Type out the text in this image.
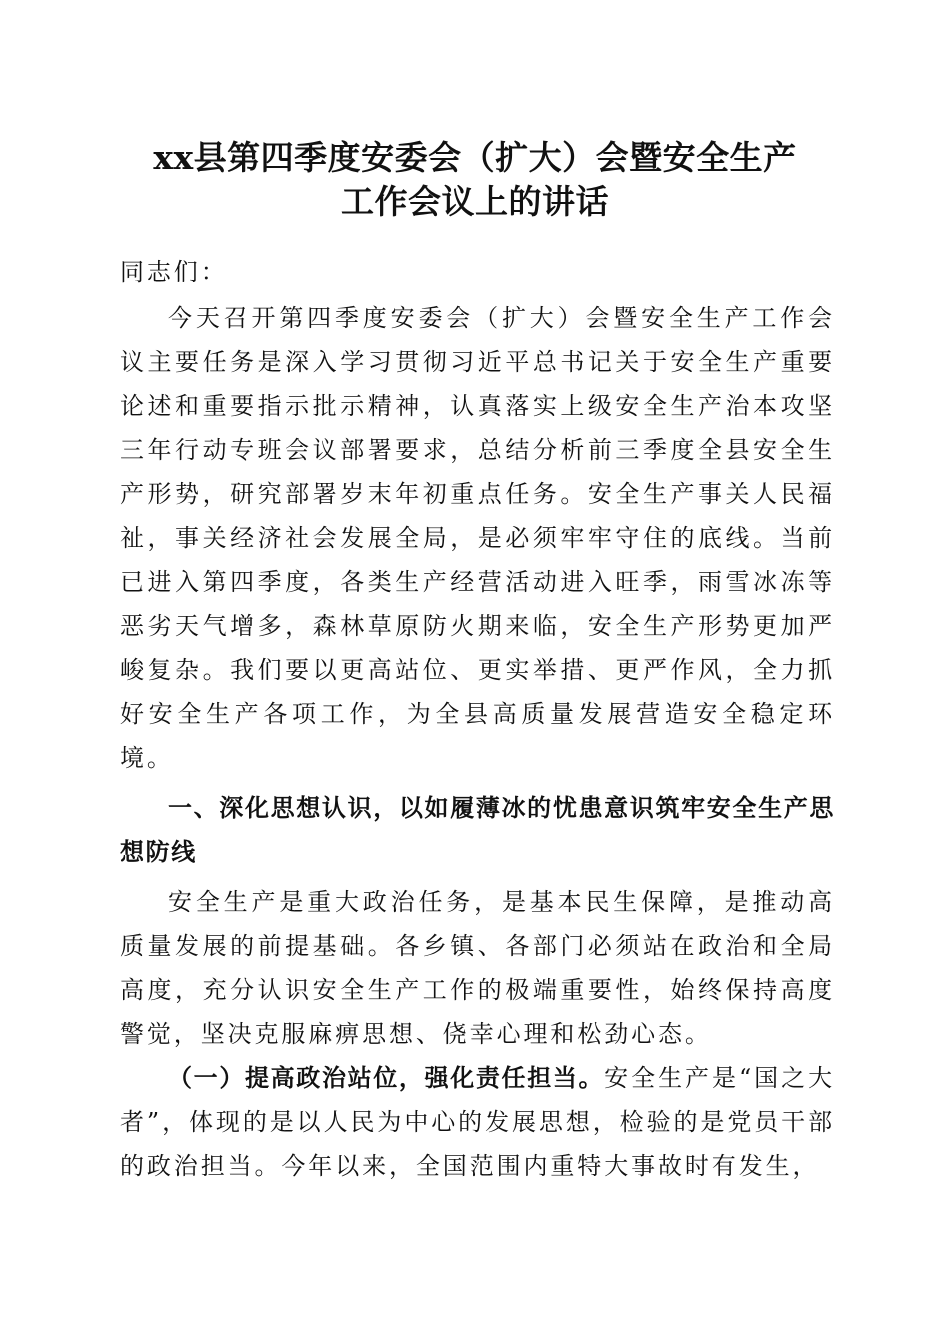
xx县第四季度安委会（扩大）会暨安全生产
工作会议上的讲话

同志们：

今天召开第四季度安委会（扩大）会暨安全生产工作会议主要任务是深入学习贯彻习近平总书记关于安全生产重要论述和重要指示批示精神，认真落实上级安全生产治本攻坚三年行动专班会议部署要求，总结分析前三季度全县安全生产形势，研究部署岁末年初重点任务。安全生产事关人民福祉，事关经济社会发展全局，是必须牢牢守住的底线。当前已进入第四季度，各类生产经营活动进入旺季，雨雪冰冻等恶劣天气增多，森林草原防火期来临，安全生产形势更加严峻复杂。我们要以更高站位、更实举措、更严作风，全力抓好安全生产各项工作，为全县高质量发展营造安全稳定环境。

一、深化思想认识，以如履薄冰的忧患意识筑牢安全生产思想防线

安全生产是重大政治任务，是基本民生保障，是推动高质量发展的前提基础。各乡镇、各部门必须站在政治和全局高度，充分认识安全生产工作的极端重要性，始终保持高度警觉，坚决克服麻痹思想、侥幸心理和松劲心态。

（一）提高政治站位，强化责任担当。安全生产是“国之大者”，体现的是以人民为中心的发展思想，检验的是党员干部的政治担当。今年以来，全国范围内重特大事故时有发生，
